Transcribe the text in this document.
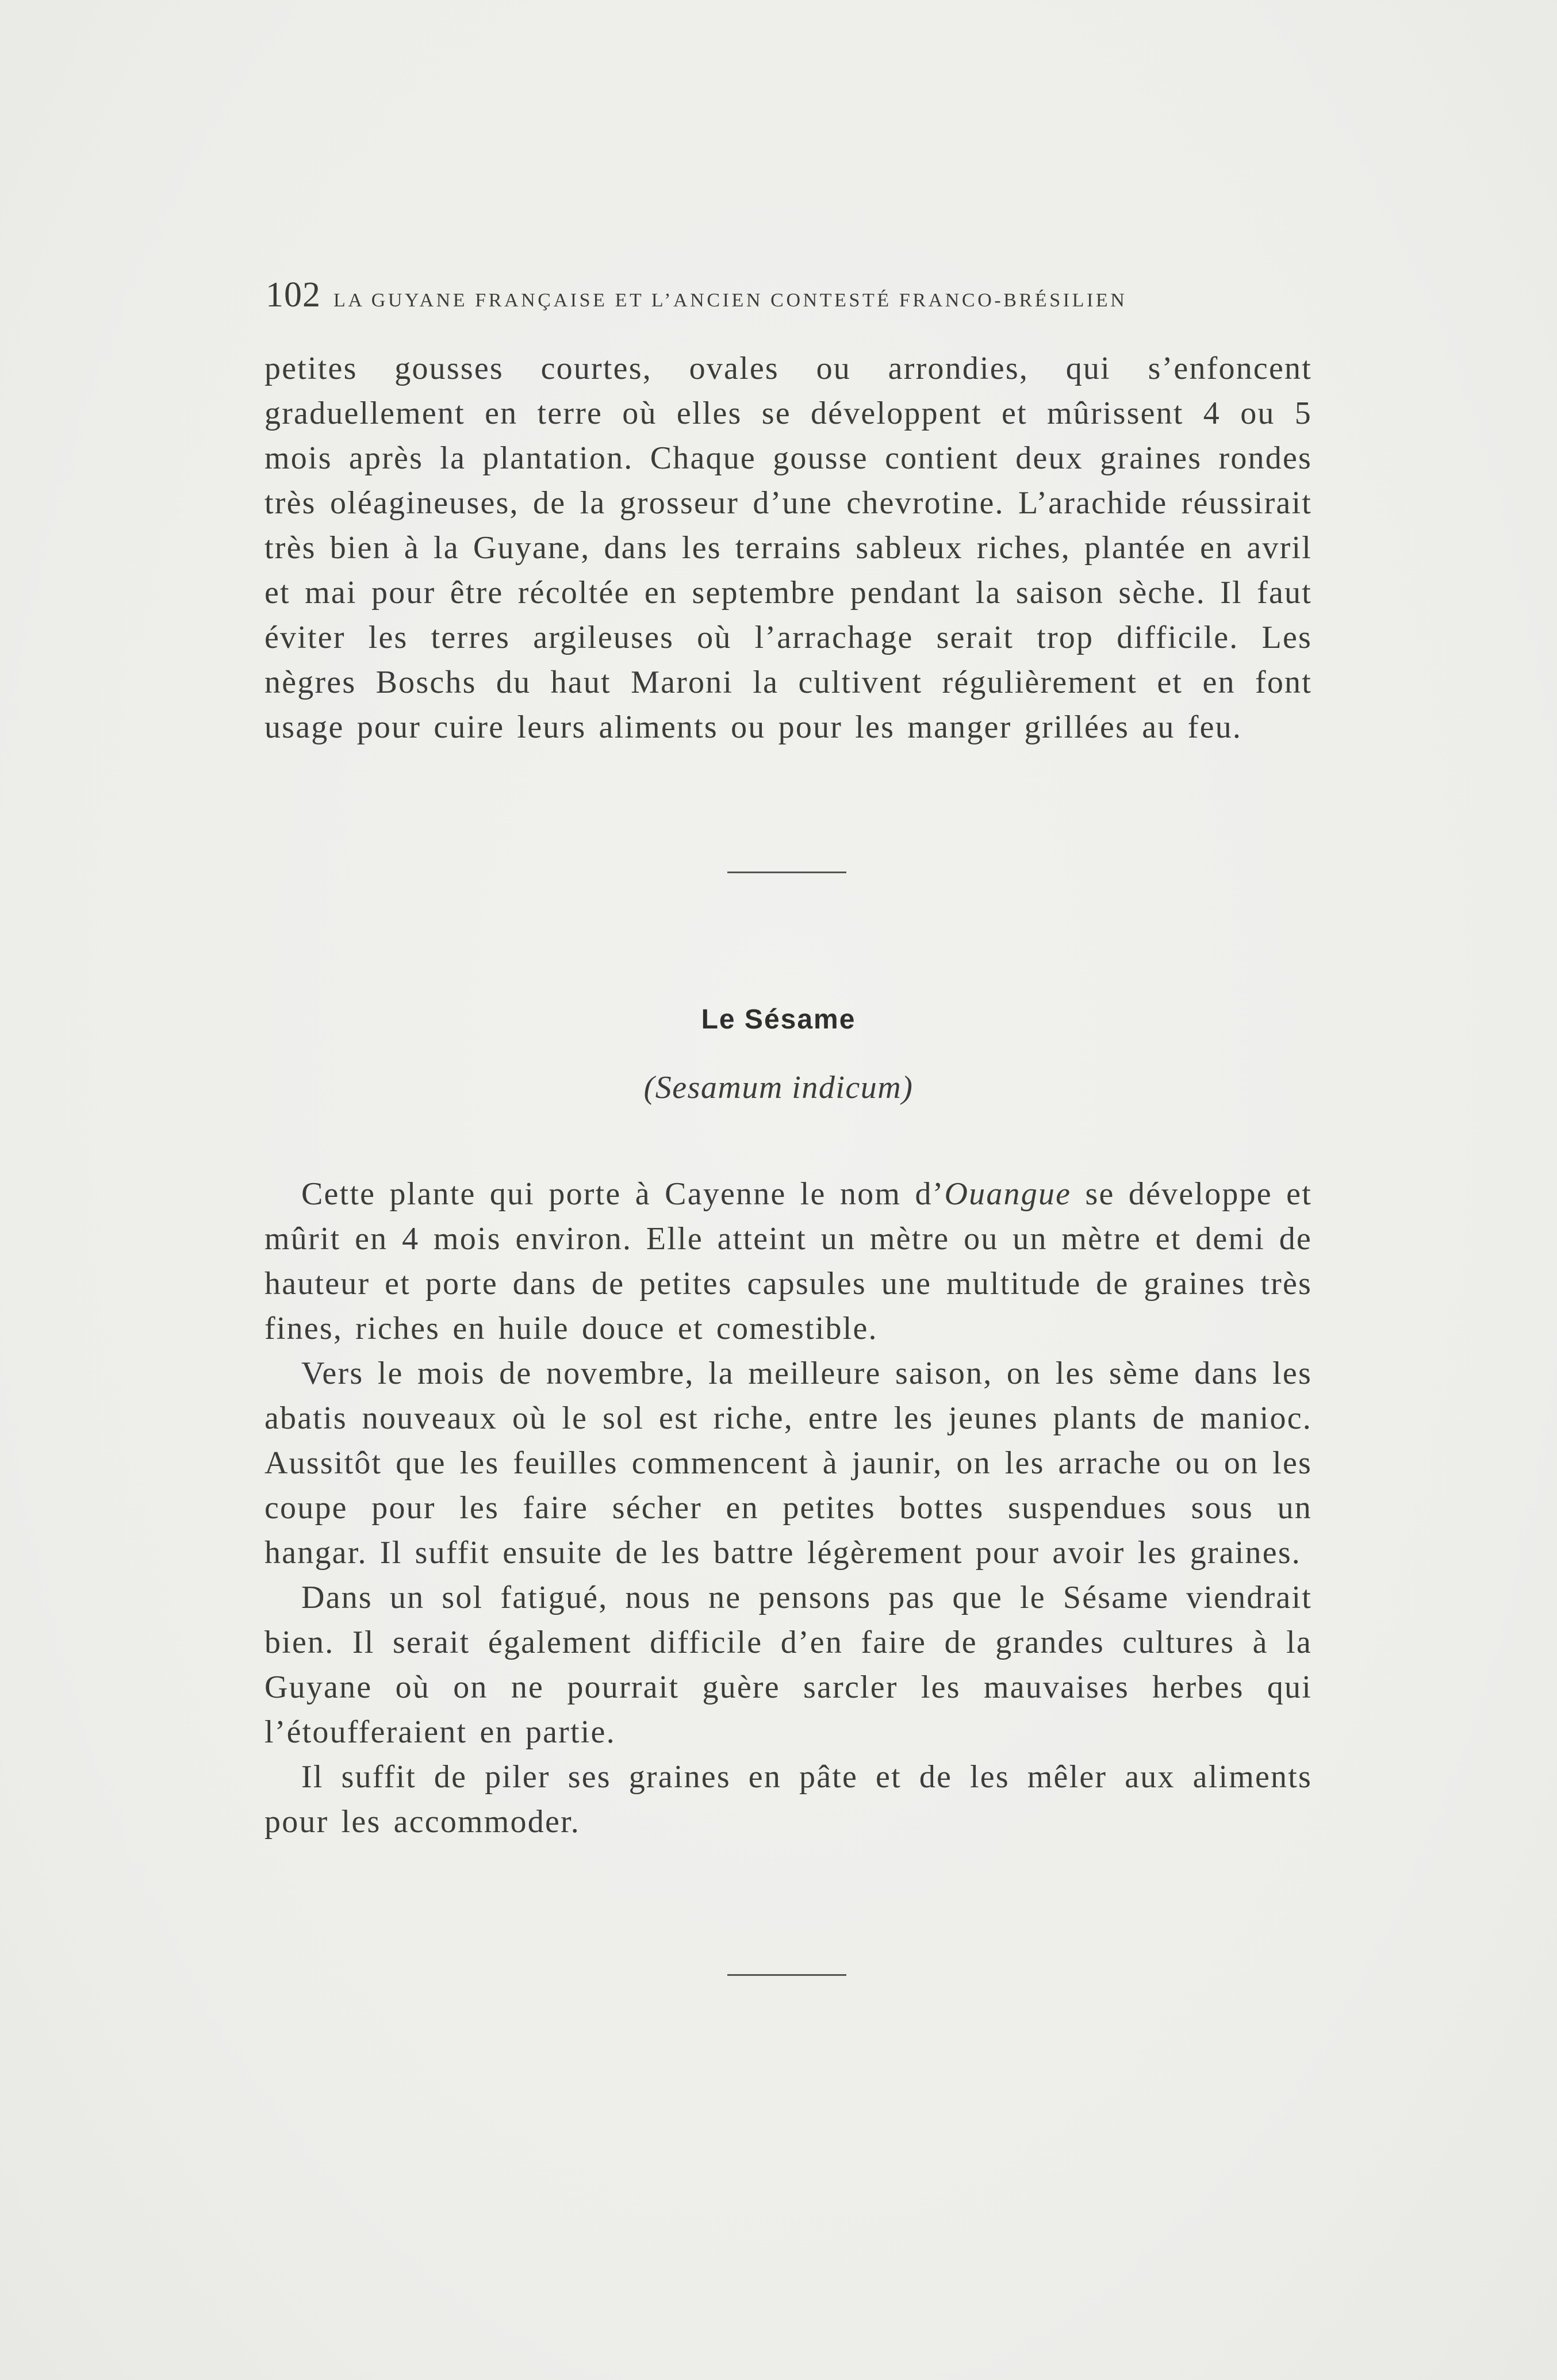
102 LA GUYANE FRANÇAISE ET L’ANCIEN CONTESTÉ FRANCO-BRÉSILIEN

petites gousses courtes, ovales ou arrondies, qui s’enfoncent graduellement en terre où elles se développent et mûrissent 4 ou 5 mois après la plantation. Chaque gousse contient deux graines rondes très oléagineuses, de la grosseur d’une chevrotine. L’arachide réussirait très bien à la Guyane, dans les terrains sableux riches, plantée en avril et mai pour être récoltée en septembre pendant la saison sèche. Il faut éviter les terres argileuses où l’arrachage serait trop difficile. Les nègres Boschs du haut Maroni la cultivent régulièrement et en font usage pour cuire leurs aliments ou pour les manger grillées au feu.

Le Sésame
(Sesamum indicum)

Cette plante qui porte à Cayenne le nom d’Ouangue se développe et mûrit en 4 mois environ. Elle atteint un mètre ou un mètre et demi de hauteur et porte dans de petites capsules une multitude de graines très fines, riches en huile douce et comestible.

Vers le mois de novembre, la meilleure saison, on les sème dans les abatis nouveaux où le sol est riche, entre les jeunes plants de manioc. Aussitôt que les feuilles commencent à jaunir, on les arrache ou on les coupe pour les faire sécher en petites bottes suspendues sous un hangar. Il suffit ensuite de les battre légèrement pour avoir les graines.

Dans un sol fatigué, nous ne pensons pas que le Sésame viendrait bien. Il serait également difficile d’en faire de grandes cultures à la Guyane où on ne pourrait guère sarcler les mauvaises herbes qui l’étoufferaient en partie.

Il suffit de piler ses graines en pâte et de les mêler aux aliments pour les accommoder.
